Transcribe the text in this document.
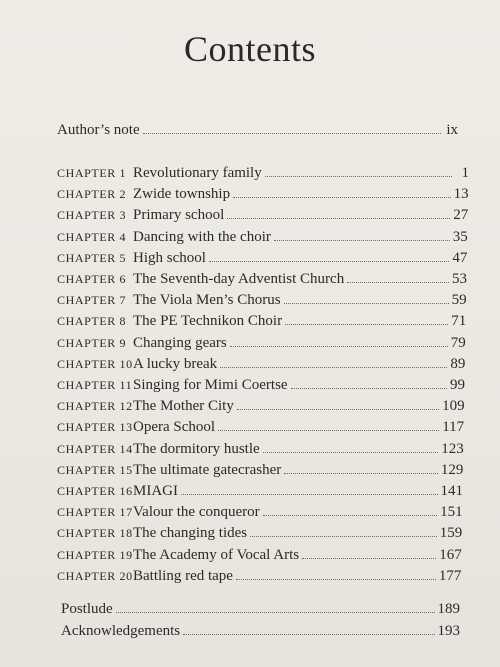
Contents
Author’s note	ix
CHAPTER 1 Revolutionary family	1
CHAPTER 2 Zwide township	13
CHAPTER 3 Primary school	27
CHAPTER 4 Dancing with the choir	35
CHAPTER 5 High school	47
CHAPTER 6 The Seventh-day Adventist Church	53
CHAPTER 7 The Viola Men’s Chorus	59
CHAPTER 8 The PE Technikon Choir	71
CHAPTER 9 Changing gears	79
CHAPTER 10 A lucky break	89
CHAPTER 11 Singing for Mimi Coertse	99
CHAPTER 12 The Mother City	109
CHAPTER 13 Opera School	117
CHAPTER 14 The dormitory hustle	123
CHAPTER 15 The ultimate gatecrasher	129
CHAPTER 16 MIAGI	141
CHAPTER 17 Valour the conqueror	151
CHAPTER 18 The changing tides	159
CHAPTER 19 The Academy of Vocal Arts	167
CHAPTER 20 Battling red tape	177
Postlude	189
Acknowledgements	193
